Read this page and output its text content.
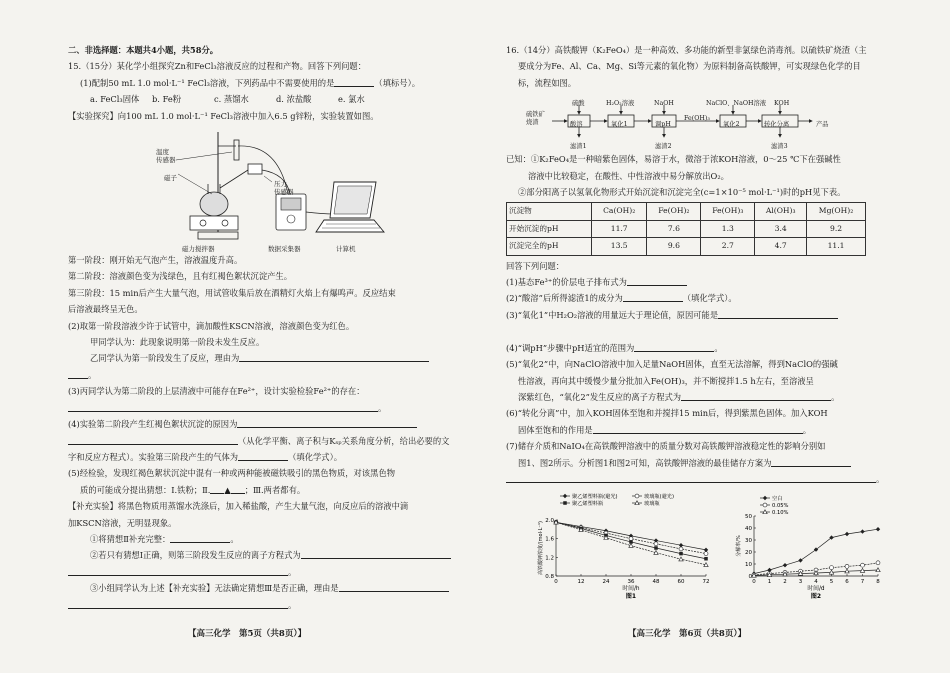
二、非选择题：本题共4小题，共58分。

15.（15分）某化学小组探究Zn和FeCl₃溶液反应的过程和产物。回答下列问题：

(1)配制50 mL 1.0 mol·L⁻¹ FeCl₃溶液，下列药品中不需要使用的是	（填标号）。

a. FeCl₃固体 b. Fe粉	c. 蒸馏水	d. 浓盐酸	e. 氯水

【实验探究】向100 mL 1.0 mol·L⁻¹ FeCl₃溶液中加入6.5 g锌粉，实验装置如图。

温度
传感器
磁子
压力
传感器
磁力搅拌器	数据采集器	计算机

第一阶段：刚开始无气泡产生，溶液温度升高。

第二阶段：溶液颜色变为浅绿色，且有红褐色絮状沉淀产生。

第三阶段：15 min后产生大量气泡，用试管收集后放在酒精灯火焰上有爆鸣声。反应结束

后溶液最终呈无色。

(2)取第一阶段溶液少许于试管中，滴加酸性KSCN溶液，溶液颜色变为红色。

甲同学认为：此现象说明第一阶段未发生反应。

乙同学认为第一阶段发生了反应，理由为

。

(3)丙同学认为第二阶段的上层清液中可能存在Fe²⁺，设计实验检验Fe²⁺的存在：

。

(4)实验第二阶段产生红褐色絮状沉淀的原因为

（从化学平衡、离子积与Kₛₚ关系角度分析，给出必要的文

字和反应方程式）。实验第三阶段产生的气体为	（填化学式）。

(5)经检验，发现红褐色絮状沉淀中混有一种或两种能被磁铁吸引的黑色物质，对该黑色物

质的可能成分提出猜想：Ⅰ.铁粉；Ⅱ. ▲ ；Ⅲ.两者都有。

【补充实验】将黑色物质用蒸馏水洗涤后，加入稀盐酸，产生大量气泡，向反应后的溶液中滴

加KSCN溶液，无明显现象。

①将猜想Ⅱ补充完整：	。

②若只有猜想Ⅰ正确，则第三阶段发生反应的离子方程式为

。

③小组同学认为上述【补充实验】无法确定猜想Ⅲ是否正确，理由是

。

【高三化学　第5页（共8页）】

16.（14分）高铁酸钾（K₂FeO₄）是一种高效、多功能的新型非氯绿色消毒剂。以硫铁矿烧渣（主

要成分为Fe、Al、Ca、Mg、Si等元素的氧化物）为原料制备高铁酸钾，可实现绿色化学的目

标，流程如图。

硫铁矿
烧渣
硫酸	H₂O₂溶液	NaOH	NaClO、NaOH溶液 KOH
酸溶	氧化1	调pH	氧化2	转化分离
Fe(OH)₃
产品
滤渣1	滤渣2	滤渣3

已知：①K₂FeO₄是一种暗紫色固体，易溶于水，微溶于浓KOH溶液，0～25 ℃下在强碱性

溶液中比较稳定，在酸性、中性溶液中易分解放出O₂。

②部分阳离子以氢氧化物形式开始沉淀和沉淀完全(c=1×10⁻⁵ mol·L⁻¹)时的pH见下表。

沉淀物	Ca(OH)₂	Fe(OH)₂	Fe(OH)₃	Al(OH)₃	Mg(OH)₂
开始沉淀的pH	11.7	7.6	1.3	3.4	9.2
沉淀完全的pH	13.5	9.6	2.7	4.7	11.1

回答下列问题：

(1)基态Fe³⁺的价层电子排布式为

(2)“酸溶”后所得滤渣1的成分为	（填化学式）。

(3)“氧化1”中H₂O₂溶液的用量远大于理论值，原因可能是

(4)“调pH”步骤中pH适宜的范围为	。

(5)“氧化2”中，向NaClO溶液中加入足量NaOH固体，直至无法溶解，得到NaClO的强碱

性溶液，再向其中缓慢少量分批加入Fe(OH)₃，并不断搅拌1.5 h左右，至溶液呈

深紫红色，“氧化2”发生反应的离子方程式为	。

(6)“转化分离”中，加入KOH固体至饱和并搅拌15 min后，得到紫黑色固体。加入KOH

固体至饱和的作用是	。

(7)储存介质和NaIO₄在高铁酸钾溶液中的质量分数对高铁酸钾溶液稳定性的影响分别如

图1、图2所示。分析图1和图2可知，高铁酸钾溶液的最佳储存方案为

。

0.8
1.2
1.6
2.0
0	12	24	36	48	60	72
时间/h
图1
高铁酸钾浓度/(mol·L⁻¹)
聚乙烯塑料瓶(避光)	玻璃瓶(避光)
聚乙烯塑料瓶	玻璃瓶
0
10
20
30
40
50
0 1 2 3 4 5 6 7 8
时间/d
图2
分解率/%
空白
0.05%
0.10%
【高三化学　第6页（共8页）】
